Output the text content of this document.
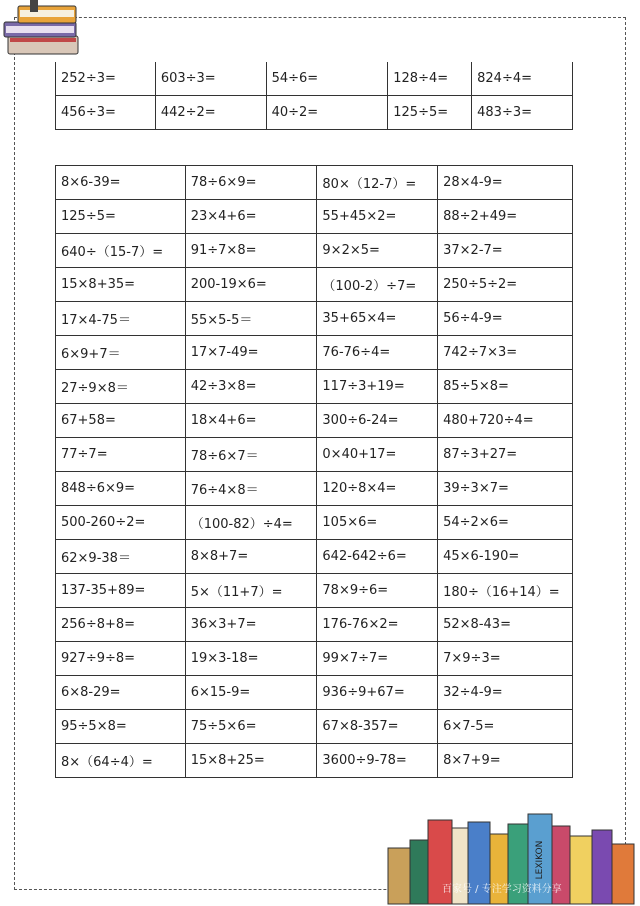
252÷3=	603÷3=	54÷6=	128÷4=	824÷4=
456÷3=	442÷2=	40÷2=	125÷5=	483÷3=
8×6-39=	78÷6×9=	80×（12-7）=	28×4-9=
125÷5=	23×4+6=	55+45×2=	88÷2+49=
640÷（15-7）=	91÷7×8=	9×2×5=	37×2-7=
15×8+35=	200-19×6=	（100-2）÷7=	250÷5÷2=
17×4-75＝	55×5-5＝	35+65×4=	56÷4-9=
6×9+7＝	17×7-49=	76-76÷4=	742÷7×3=
27÷9×8＝	42÷3×8=	117÷3+19=	85÷5×8=
67+58=	18×4+6=	300÷6-24=	480+720÷4=
77÷7=	78÷6×7＝	0×40+17=	87÷3+27=
848÷6×9=	76÷4×8＝	120÷8×4=	39÷3×7=
500-260÷2=	（100-82）÷4=	105×6=	54÷2×6=
62×9-38＝	8×8+7=	642-642÷6=	45×6-190=
137-35+89=	5×（11+7）=	78×9÷6=	180÷（16+14）=
256÷8+8=	36×3+7=	176-76×2=	52×8-43=
927÷9÷8=	19×3-18=	99×7÷7=	7×9÷3=
6×8-29=	6×15-9=	936÷9+67=	32÷4-9=
95÷5×8=	75÷5×6=	67×8-357=	6×7-5=
8×（64÷4）=	15×8+25=	3600÷9-78=	8×7+9=
LEXIKON
百家号 / 专注学习资料分享
